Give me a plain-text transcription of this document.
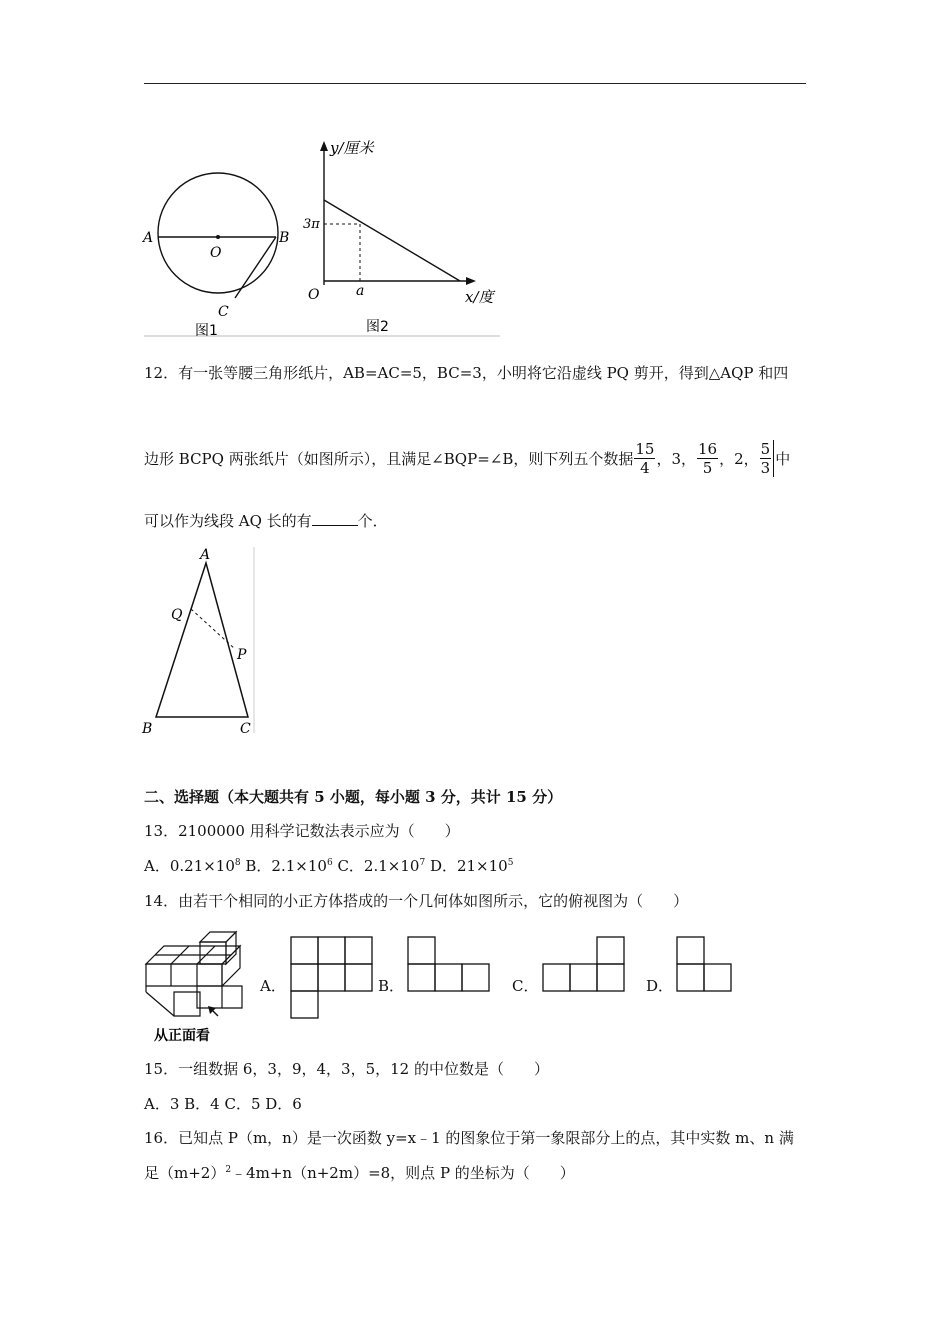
A	B
O
C
图1
y/厘米
3π
O	a	x/度
图2
12．有一张等腰三角形纸片，AB=AC=5，BC=3，小明将它沿虚线 PQ 剪开，得到△AQP 和四
边形 BCPQ 两张纸片（如图所示），且满足∠BQP=∠B，则下列五个数据 $\frac{15}{4}$ ，3， $\frac{16}{5}$ ，2， $\frac{5}{3}$ 中
可以作为线段 AQ 长的有	个．
A
Q
P
B	C
二、选择题（本大题共有 5 小题，每小题 3 分，共计 15 分）
13．2100000 用科学记数法表示应为（　　）
A．$0.21\times 10^8$ B．$2.1\times 10^6$ C．$2.1\times 10^7$ D．$21\times 10^5$
14．由若干个相同的小正方体搭成的一个几何体如图所示，它的俯视图为（　　）
从正面看
A．	B．	C．	D．
15．一组数据 6，3，9，4，3，5，12 的中位数是（　　）
A．3 B．4 C．5 D．6
16．已知点 P（m，n）是一次函数 y=x﹣1 的图象位于第一象限部分上的点，其中实数 m、n 满
足$(m+2)^2﹣4m+n(n+2m)=8$，则点 P 的坐标为（　　）
